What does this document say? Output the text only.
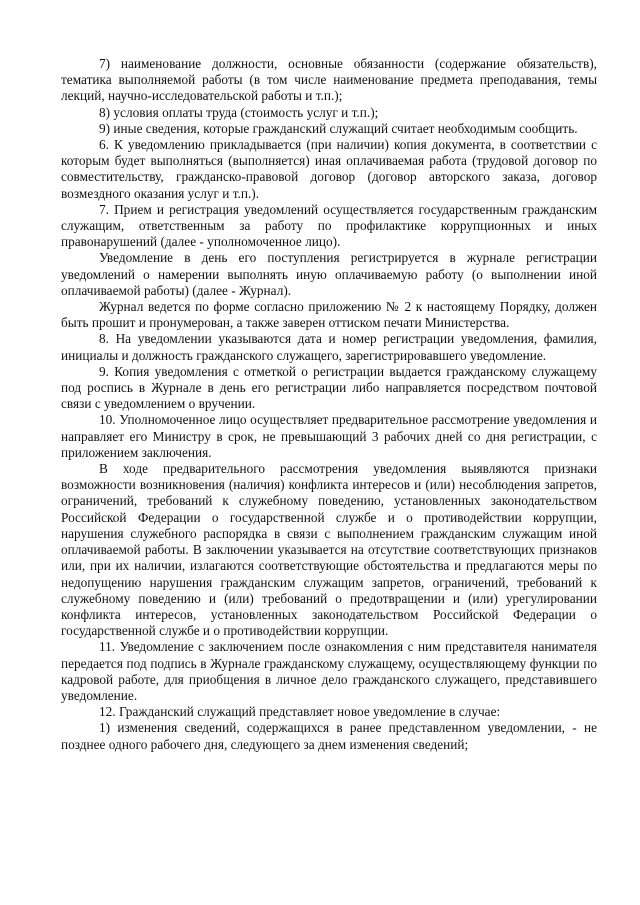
7) наименование должности, основные обязанности (содержание обязательств), тематика выполняемой работы (в том числе наименование предмета преподавания, темы лекций, научно-исследовательской работы и т.п.);

8) условия оплаты труда (стоимость услуг и т.п.);

9) иные сведения, которые гражданский служащий считает необходимым сообщить.

6. К уведомлению прикладывается (при наличии) копия документа, в соответствии с которым будет выполняться (выполняется) иная оплачиваемая работа (трудовой договор по совместительству, гражданско-правовой договор (договор авторского заказа, договор возмездного оказания услуг и т.п.).

7. Прием и регистрация уведомлений осуществляется государственным гражданским служащим, ответственным за работу по профилактике коррупционных и иных правонарушений (далее - уполномоченное лицо).

Уведомление в день его поступления регистрируется в журнале регистрации уведомлений о намерении выполнять иную оплачиваемую работу (о выполнении иной оплачиваемой работы) (далее - Журнал).

Журнал ведется по форме согласно приложению № 2 к настоящему Порядку, должен быть прошит и пронумерован, а также заверен оттиском печати Министерства.

8. На уведомлении указываются дата и номер регистрации уведомления, фамилия, инициалы и должность гражданского служащего, зарегистрировавшего уведомление.

9. Копия уведомления с отметкой о регистрации выдается гражданскому служащему под роспись в Журнале в день его регистрации либо направляется посредством почтовой связи с уведомлением о вручении.

10. Уполномоченное лицо осуществляет предварительное рассмотрение уведомления и направляет его Министру в срок, не превышающий 3 рабочих дней со дня регистрации, с приложением заключения.

В ходе предварительного рассмотрения уведомления выявляются признаки возможности возникновения (наличия) конфликта интересов и (или) несоблюдения запретов, ограничений, требований к служебному поведению, установленных законодательством Российской Федерации о государственной службе и о противодействии коррупции, нарушения служебного распорядка в связи с выполнением гражданским служащим иной оплачиваемой работы. В заключении указывается на отсутствие соответствующих признаков или, при их наличии, излагаются соответствующие обстоятельства и предлагаются меры по недопущению нарушения гражданским служащим запретов, ограничений, требований к служебному поведению и (или) требований о предотвращении и (или) урегулировании конфликта интересов, установленных законодательством Российской Федерации о государственной службе и о противодействии коррупции.

11. Уведомление с заключением после ознакомления с ним представителя нанимателя передается под подпись в Журнале гражданскому служащему, осуществляющему функции по кадровой работе, для приобщения в личное дело гражданского служащего, представившего уведомление.

12. Гражданский служащий представляет новое уведомление в случае:

1) изменения сведений, содержащихся в ранее представленном уведомлении, - не позднее одного рабочего дня, следующего за днем изменения сведений;
